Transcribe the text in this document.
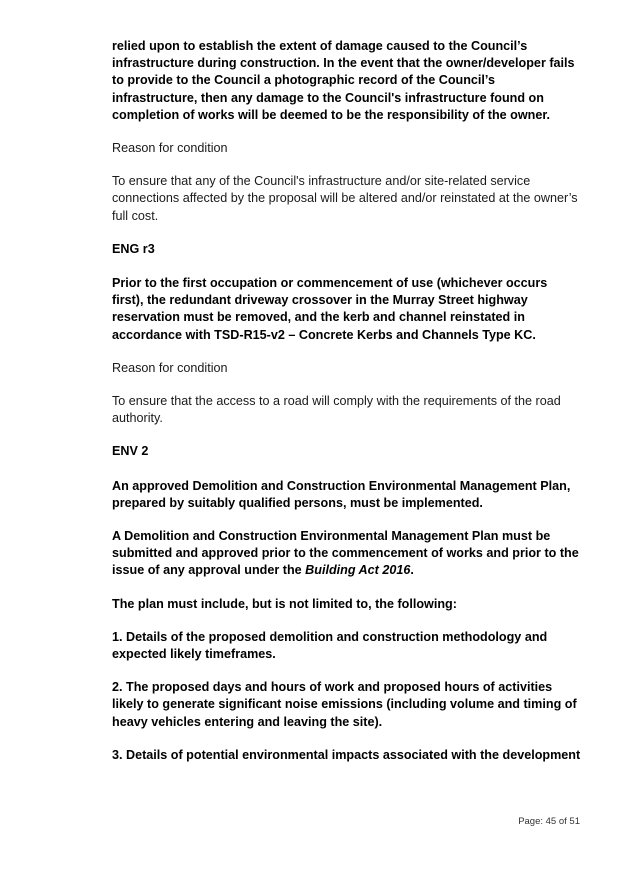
relied upon to establish the extent of damage caused to the Council’s infrastructure during construction. In the event that the owner/developer fails to provide to the Council a photographic record of the Council’s infrastructure, then any damage to the Council's infrastructure found on completion of works will be deemed to be the responsibility of the owner.

Reason for condition

To ensure that any of the Council's infrastructure and/or site-related service connections affected by the proposal will be altered and/or reinstated at the owner’s full cost.

ENG r3

Prior to the first occupation or commencement of use (whichever occurs first), the redundant driveway crossover in the Murray Street highway reservation must be removed, and the kerb and channel reinstated in accordance with TSD-R15-v2 – Concrete Kerbs and Channels Type KC.

Reason for condition

To ensure that the access to a road will comply with the requirements of the road authority.

ENV 2

An approved Demolition and Construction Environmental Management Plan, prepared by suitably qualified persons, must be implemented.

A Demolition and Construction Environmental Management Plan must be submitted and approved prior to the commencement of works and prior to the issue of any approval under the Building Act 2016.

The plan must include, but is not limited to, the following:

1. Details of the proposed demolition and construction methodology and expected likely timeframes.

2. The proposed days and hours of work and proposed hours of activities likely to generate significant noise emissions (including volume and timing of heavy vehicles entering and leaving the site).

3. Details of potential environmental impacts associated with the development

Page: 45 of 51
